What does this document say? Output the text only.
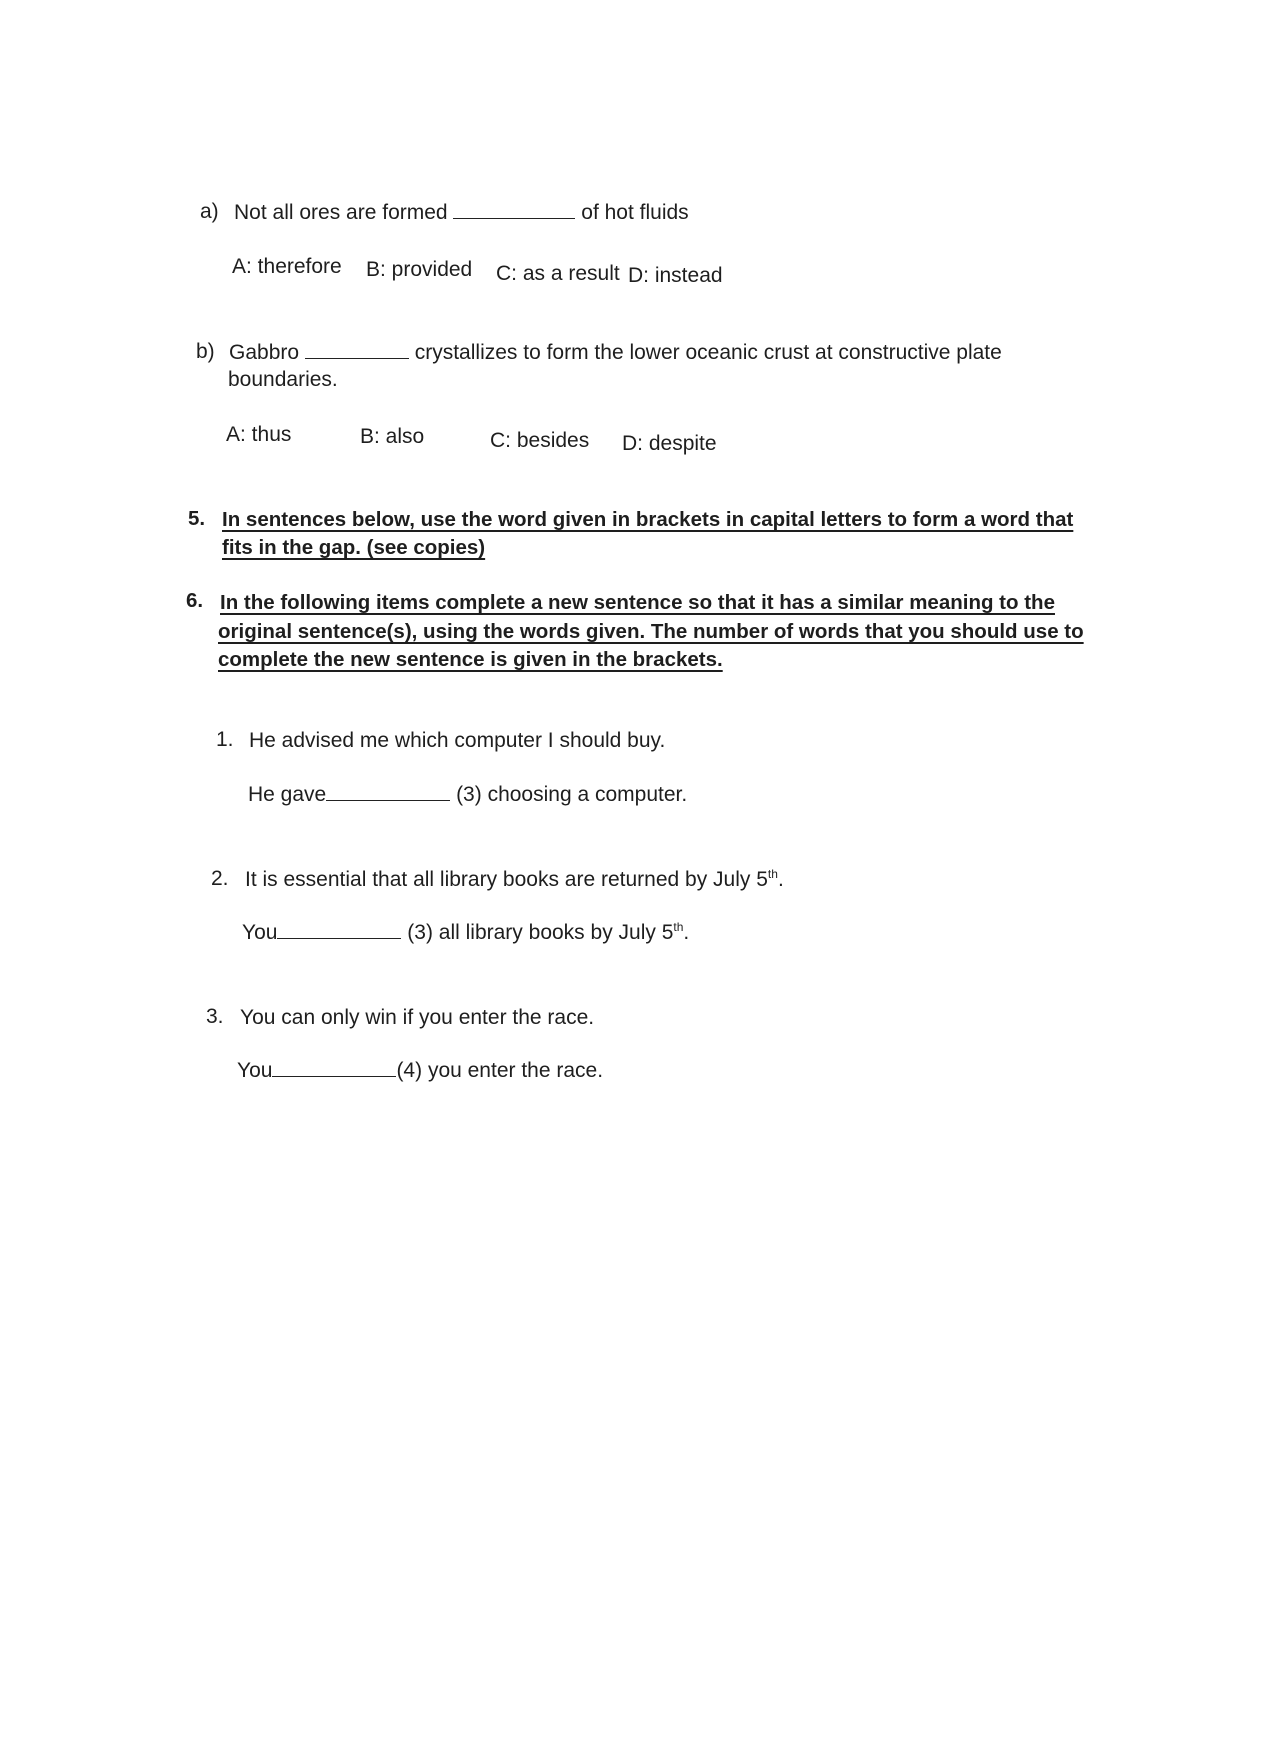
a) Not all ores are formed	of hot fluids
A: therefore B: provided C: as a result D: instead
b) Gabbro	crystallizes to form the lower oceanic crust at constructive plate
boundaries.
A: thus	B: also	C: besides D: despite
5. In sentences below, use the word given in brackets in capital letters to form a word that
fits in the gap. (see copies)
6. In the following items complete a new sentence so that it has a similar meaning to the
original sentence(s), using the words given. The number of words that you should use to
complete the new sentence is given in the brackets.
1. He advised me which computer I should buy.
He gave	(3) choosing a computer.
2. It is essential that all library books are returned by July 5th.
You	(3) all library books by July 5th.
3. You can only win if you enter the race.
You	(4) you enter the race.
